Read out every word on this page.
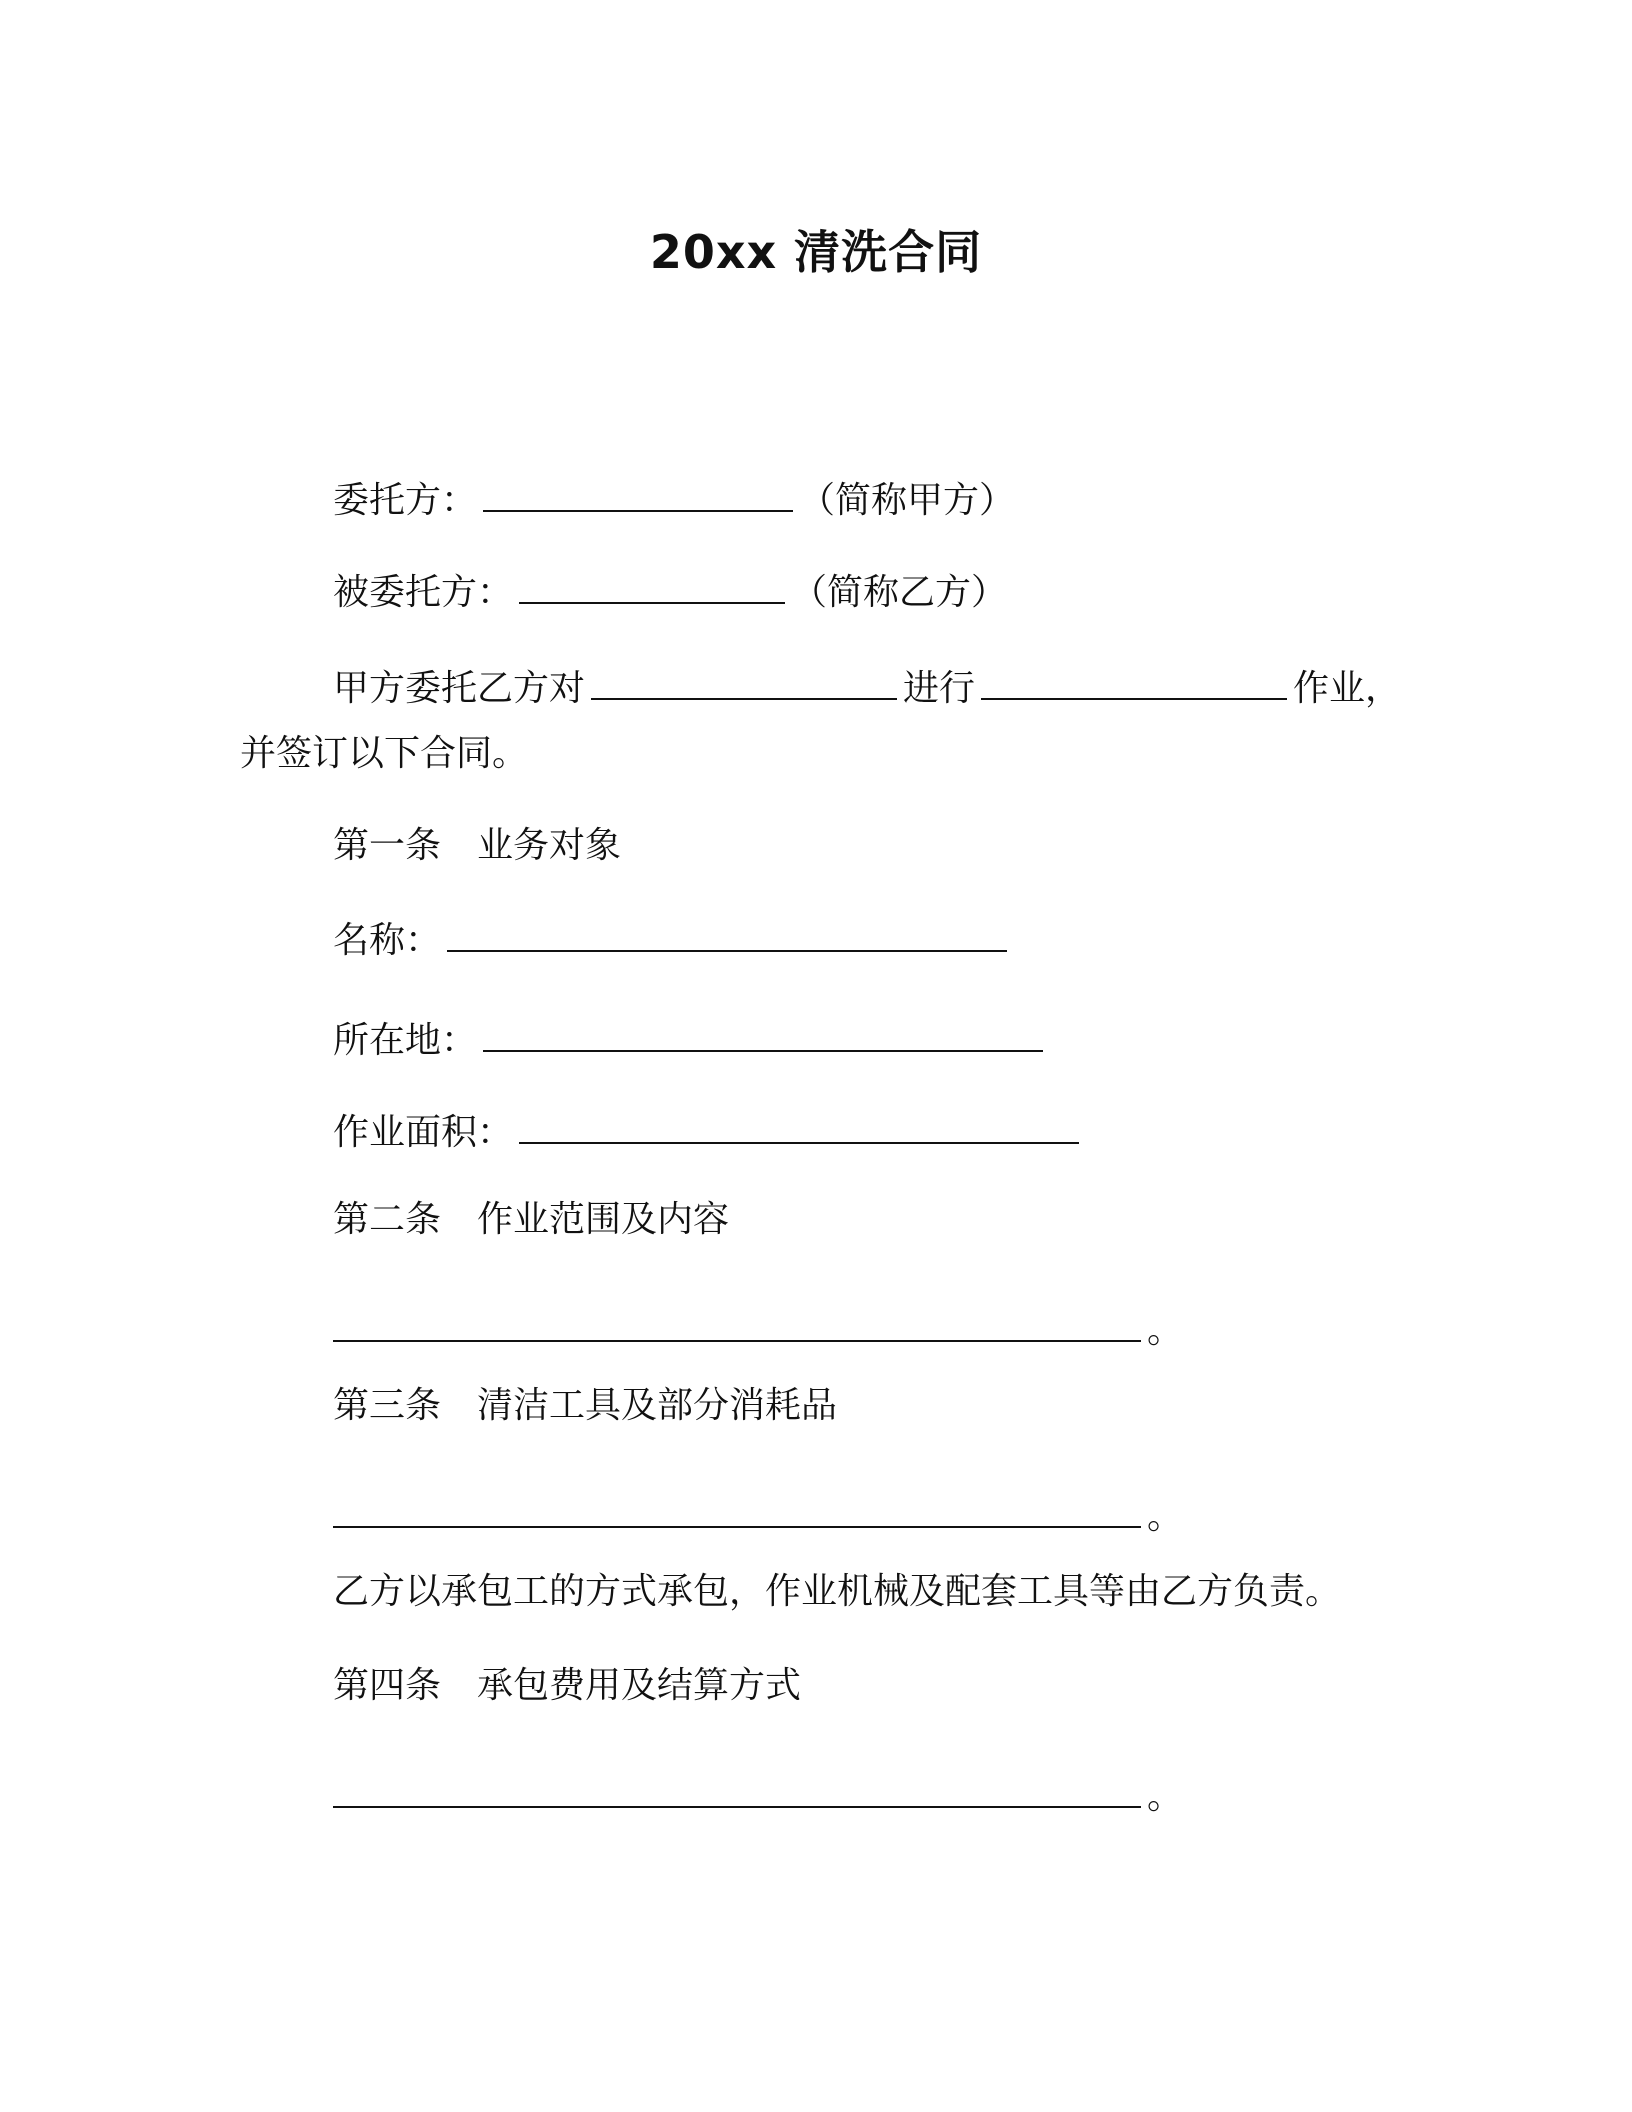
20xx 清洗合同
委托方：	（简称甲方）
被委托方：	（简称乙方）
甲方委托乙方对	进行	作业，
并签订以下合同。
第一条　业务对象
名称：
所在地：
作业面积：
第二条　作业范围及内容
。
第三条　清洁工具及部分消耗品
。
乙方以承包工的方式承包，作业机械及配套工具等由乙方负责。
第四条　承包费用及结算方式
。
